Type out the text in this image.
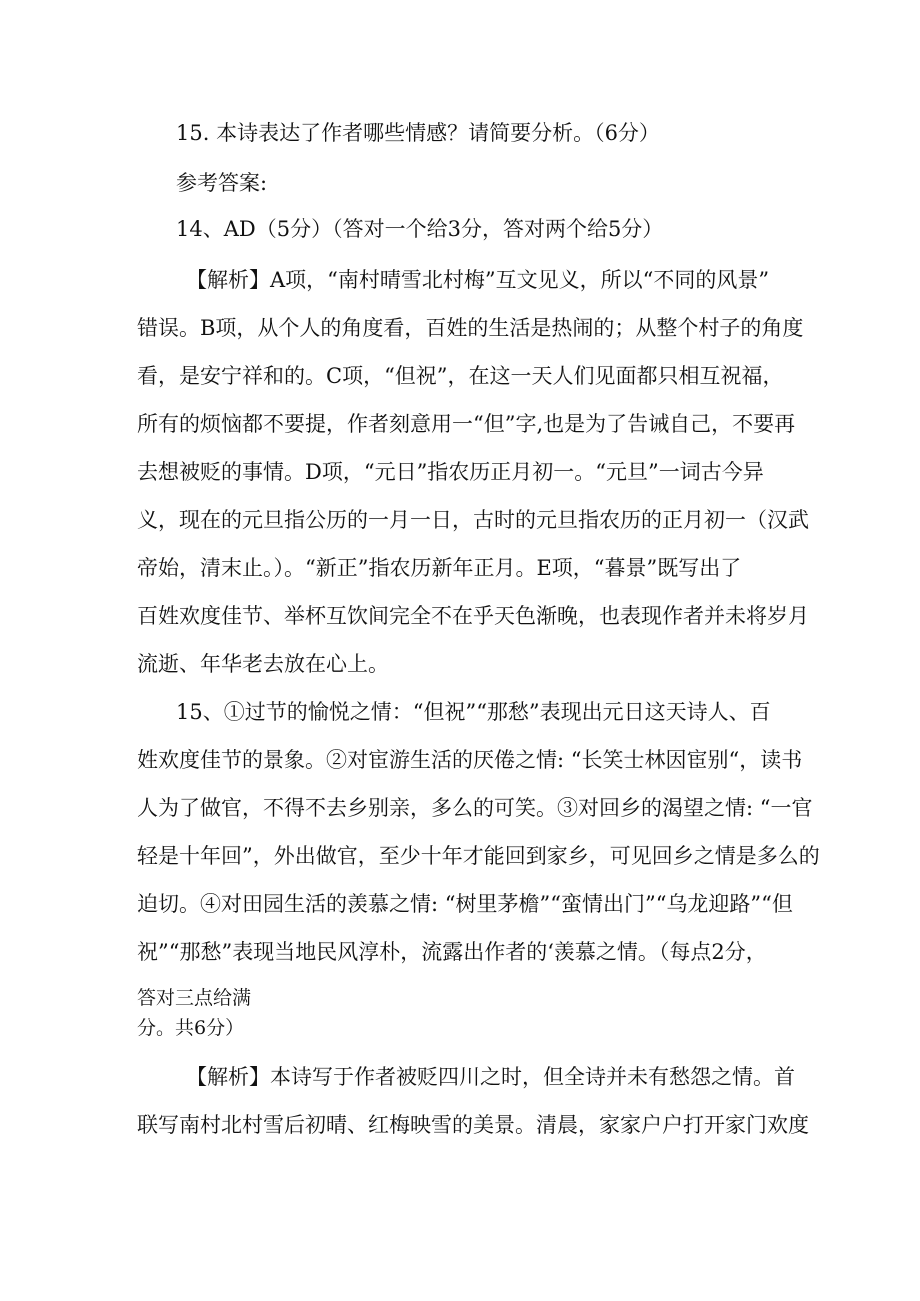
15. 本诗表达了作者哪些情感？请简要分析。（6分）

参考答案:

14、AD（5分）（答对一个给3分，答对两个给5分）

【解析】A项，“南村晴雪北村梅”互文见义，所以“不同的风景”

错误。B项，从个人的角度看，百姓的生活是热闹的；从整个村子的角度

看，是安宁祥和的。C项，“但祝”，在这一天人们见面都只相互祝福，

所有的烦恼都不要提，作者刻意用一“但”字,也是为了告诫自己，不要再

去想被贬的事情。D项，“元日”指农历正月初一。“元旦”一词古今异

义，现在的元旦指公历的一月一日，古时的元旦指农历的正月初一（汉武

帝始，清末止。）。“新正”指农历新年正月。E项，“暮景”既写出了

百姓欢度佳节、举杯互饮间完全不在乎天色渐晚，也表现作者并未将岁月

流逝、年华老去放在心上。

15、①过节的愉悦之情：“但祝”“那愁”表现出元日这天诗人、百

姓欢度佳节的景象。②对宦游生活的厌倦之情: “长笑士林因宦别“，读书

人为了做官，不得不去乡别亲，多么的可笑。③对回乡的渴望之情: “一官

轻是十年回”，外出做官，至少十年才能回到家乡，可见回乡之情是多么的

迫切。④对田园生活的羡慕之情: “树里茅檐”“蛮情出门”“乌龙迎路”“但

祝”“那愁”表现当地民风淳朴，流露出作者的‘羡慕之情。（每点2分，

答对三点给满

分。共6分）

【解析】本诗写于作者被贬四川之时，但全诗并未有愁怨之情。首

联写南村北村雪后初晴、红梅映雪的美景。清晨，家家户户打开家门欢度
